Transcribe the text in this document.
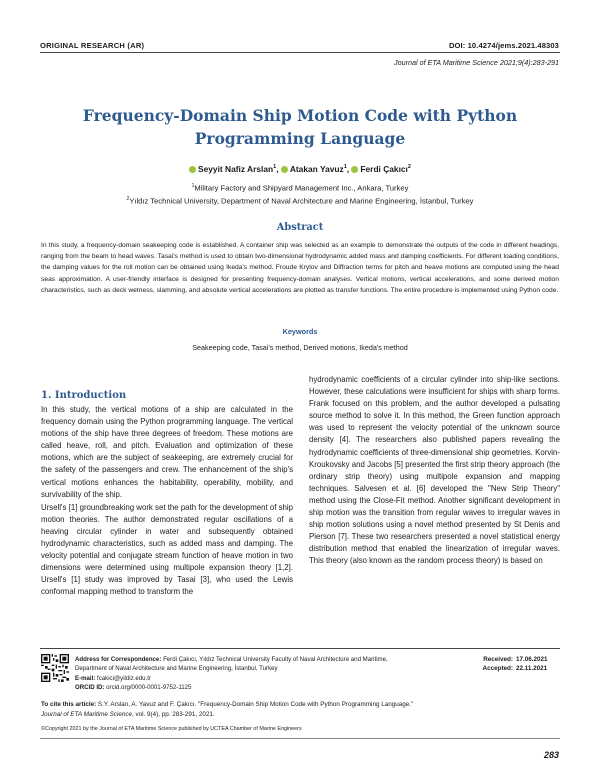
ORIGINAL RESEARCH (AR)	DOI: 10.4274/jems.2021.48303
Journal of ETA Maritime Science 2021;9(4):283-291
Frequency-Domain Ship Motion Code with Python Programming Language
Seyyit Nafiz Arslan$^1$, Atakan Yavuz$^1$, Ferdi Çakıcı$^2$
$^1$Military Factory and Shipyard Management Inc., Ankara, Turkey
$^2$Yıldız Technical University, Department of Naval Architecture and Marine Engineering, İstanbul, Turkey
Abstract

In this study, a frequency-domain seakeeping code is established. A container ship was selected as an example to demonstrate the outputs of the code in different headings, ranging from the beam to head waves. Tasai's method is used to obtain two-dimensional hydrodynamic added mass and damping coefficients. For different loading conditions, the damping values for the roll motion can be obtained using Ikeda's method. Froude Krylov and Diffraction terms for pitch and heave motions are computed using the head seas approximation. A user-friendly interface is designed for presenting frequency-domain analyses. Vertical motions, vertical accelerations, and some derived motion characteristics, such as deck wetness, slamming, and absolute vertical accelerations are plotted as transfer functions. The entire procedure is implemented using Python code.

Keywords
Seakeeping code, Tasai's method, Derived motions, Ikeda's method
1. Introduction

In this study, the vertical motions of a ship are calculated in the frequency domain using the Python programming language. The vertical motions of the ship have three degrees of freedom. These motions are called heave, roll, and pitch. Evaluation and optimization of these motions, which are the subject of seakeeping, are extremely crucial for the safety of the passengers and crew. The enhancement of the ship's vertical motions enhances the habitability, operability, mobility, and survivability of the ship.

Ursell's [1] groundbreaking work set the path for the development of ship motion theories. The author demonstrated regular oscillations of a heaving circular cylinder in water and subsequently obtained hydrodynamic characteristics, such as added mass and damping. The velocity potential and conjugate stream function of heave motion in two dimensions were determined using multipole expansion theory [1,2]. Ursell's [1] study was improved by Tasai [3], who used the Lewis conformal mapping method to transform the

hydrodynamic coefficients of a circular cylinder into ship-like sections. However, these calculations were insufficient for ships with sharp forms. Frank focused on this problem, and the author developed a pulsating source method to solve it. In this method, the Green function approach was used to represent the velocity potential of the unknown source density [4]. The researchers also published papers revealing the hydrodynamic coefficients of three-dimensional ship geometries. Korvin-Kroukovsky and Jacobs [5] presented the first strip theory approach (the ordinary strip theory) using multipole expansion and mapping techniques. Salvesen et al. [6] developed the "New Strip Theory" method using the Close-Fit method. Another significant development in ship motion was the transition from regular waves to irregular waves in ship motion solutions using a novel method presented by St Denis and Pierson [7]. These two researchers presented a novel statistical energy distribution method that enabled the linearization of irregular waves. This theory (also known as the random process theory) is based on

Address for Correspondence: Ferdi Çakıcı, Yıldız Technical University Faculty of Naval Architecture and Maritime,
Department of Naval Architecture and Marine Engineering, İstanbul, Turkey
E-mail: fcakici@yildiz.edu.tr
ORCID ID: orcid.org/0000-0001-9752-1125
Received: 17.06.2021
Accepted: 22.11.2021
To cite this article: S.Y. Arslan, A. Yavuz and F. Çakıcı. "Frequency-Domain Ship Motion Code with Python Programming Language."
Journal of ETA Maritime Science, vol. 9(4), pp. 283-291, 2021.
©Copyright 2021 by the Journal of ETA Maritime Science published by UCTEA Chamber of Marine Engineers
283
